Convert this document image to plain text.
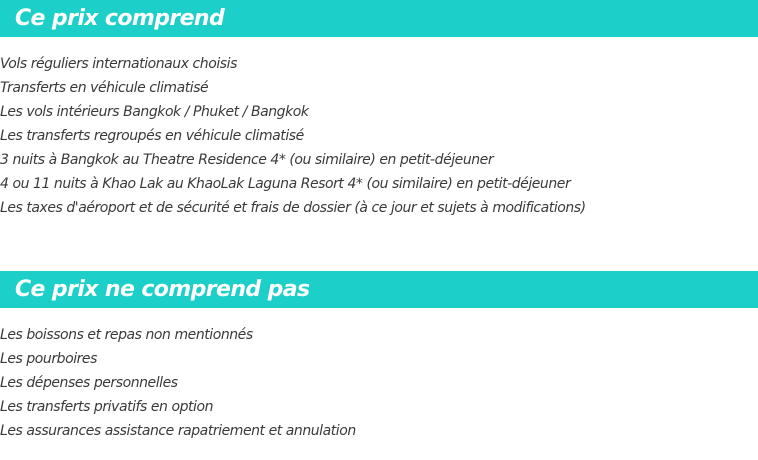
Ce prix comprend
Vols réguliers internationaux choisis
Transferts en véhicule climatisé
Les vols intérieurs Bangkok / Phuket / Bangkok
Les transferts regroupés en véhicule climatisé
3 nuits à Bangkok au Theatre Residence 4* (ou similaire) en petit-déjeuner
4 ou 11 nuits à Khao Lak au KhaoLak Laguna Resort 4* (ou similaire) en petit-déjeuner
Les taxes d'aéroport et de sécurité et frais de dossier (à ce jour et sujets à modifications)
Ce prix ne comprend pas
Les boissons et repas non mentionnés
Les pourboires
Les dépenses personnelles
Les transferts privatifs en option
Les assurances assistance rapatriement et annulation
